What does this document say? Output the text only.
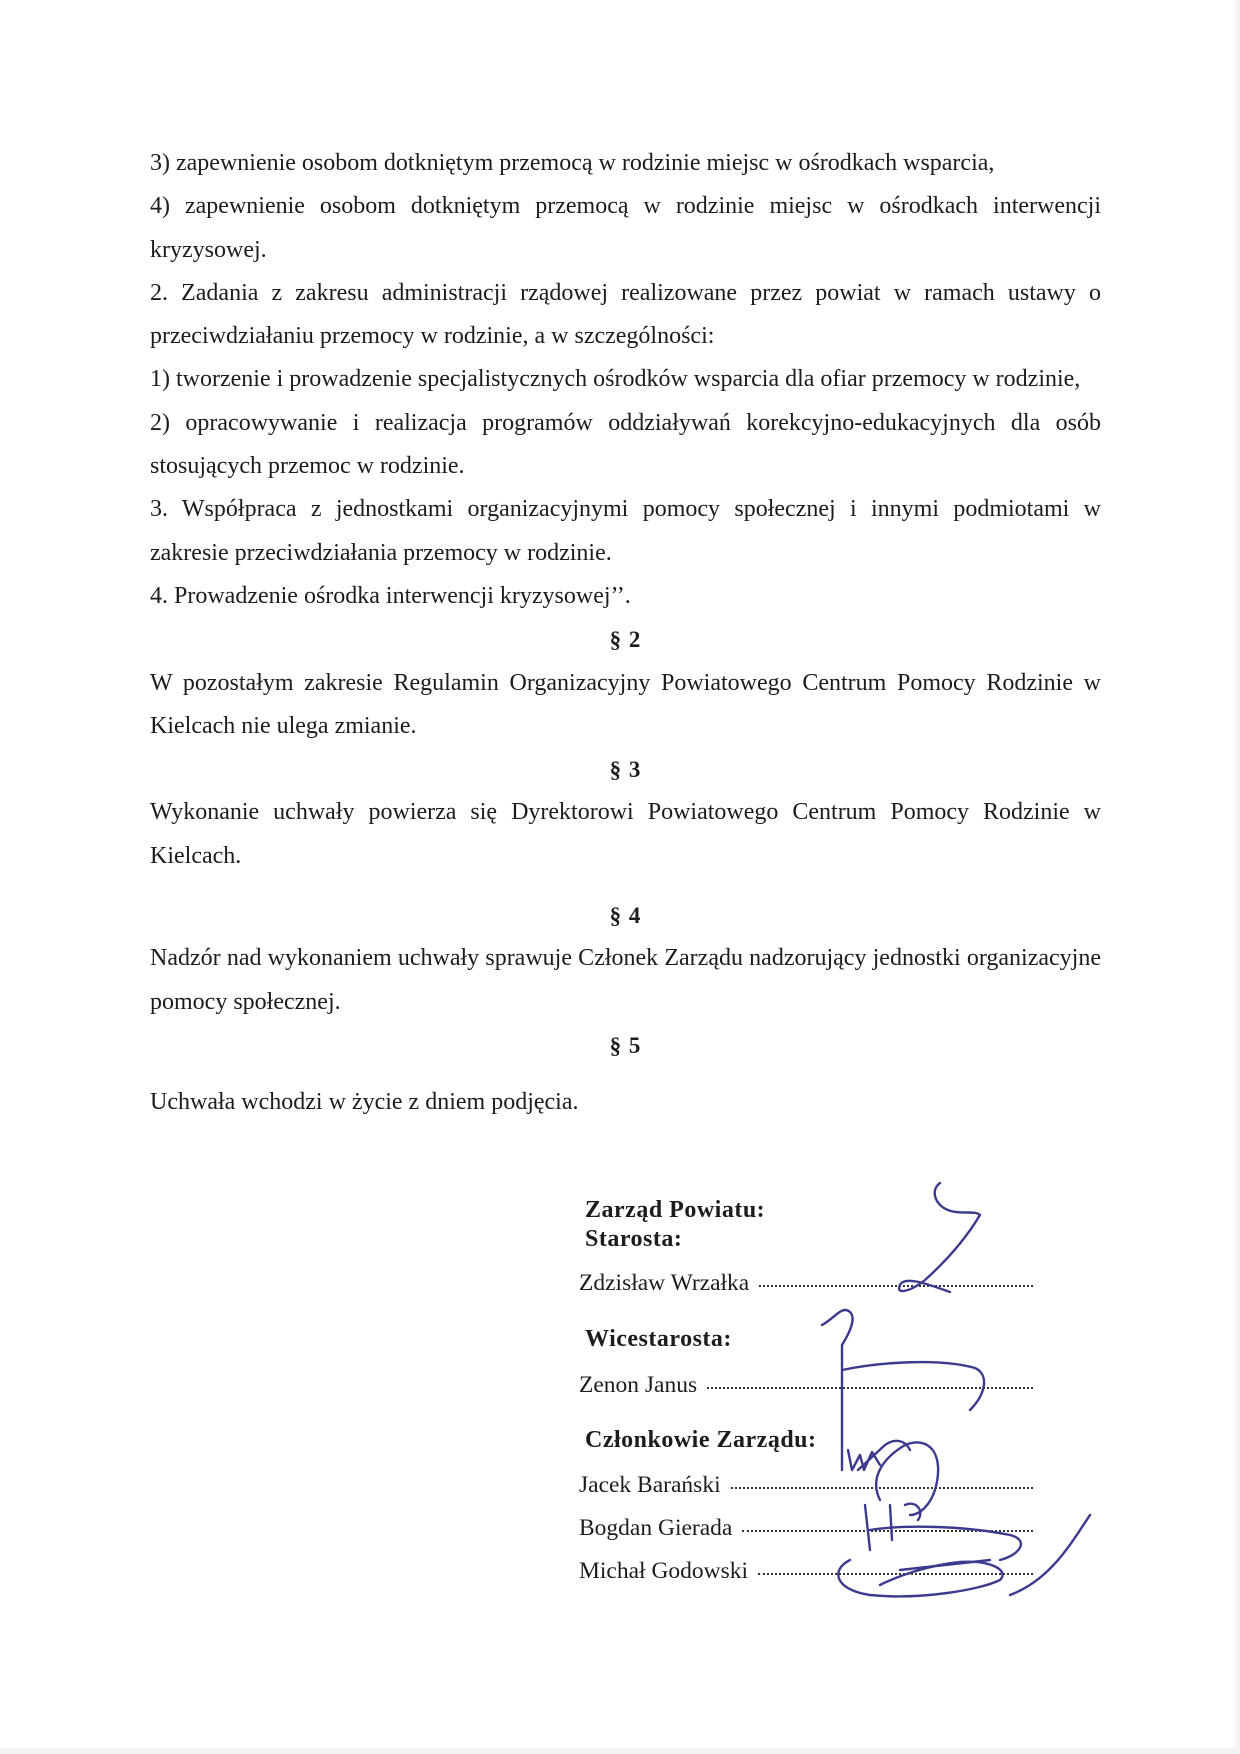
3) zapewnienie osobom dotkniętym przemocą w rodzinie miejsc w ośrodkach wsparcia,

4) zapewnienie osobom dotkniętym przemocą w rodzinie miejsc w ośrodkach interwencji kryzysowej.

2. Zadania z zakresu administracji rządowej realizowane przez powiat w ramach ustawy o przeciwdziałaniu przemocy w rodzinie, a w szczególności:

1) tworzenie i prowadzenie specjalistycznych ośrodków wsparcia dla ofiar przemocy w rodzinie,

2) opracowywanie i realizacja programów oddziaływań korekcyjno-edukacyjnych dla osób stosujących przemoc w rodzinie.

3. Współpraca z jednostkami organizacyjnymi pomocy społecznej i innymi podmiotami w zakresie przeciwdziałania przemocy w rodzinie.

4. Prowadzenie ośrodka interwencji kryzysowej’’.

§ 2

W pozostałym zakresie Regulamin Organizacyjny Powiatowego Centrum Pomocy Rodzinie w Kielcach nie ulega zmianie.

§ 3

Wykonanie uchwały powierza się Dyrektorowi Powiatowego Centrum Pomocy Rodzinie w Kielcach.

§ 4

Nadzór nad wykonaniem uchwały sprawuje Członek Zarządu nadzorujący jednostki organizacyjne pomocy społecznej.

§ 5

Uchwała wchodzi w życie z dniem podjęcia.

Zarząd Powiatu:
Starosta:
Zdzisław Wrzałka
Wicestarosta:
Zenon Janus
Członkowie Zarządu:
Jacek Barański
Bogdan Gierada
Michał Godowski
